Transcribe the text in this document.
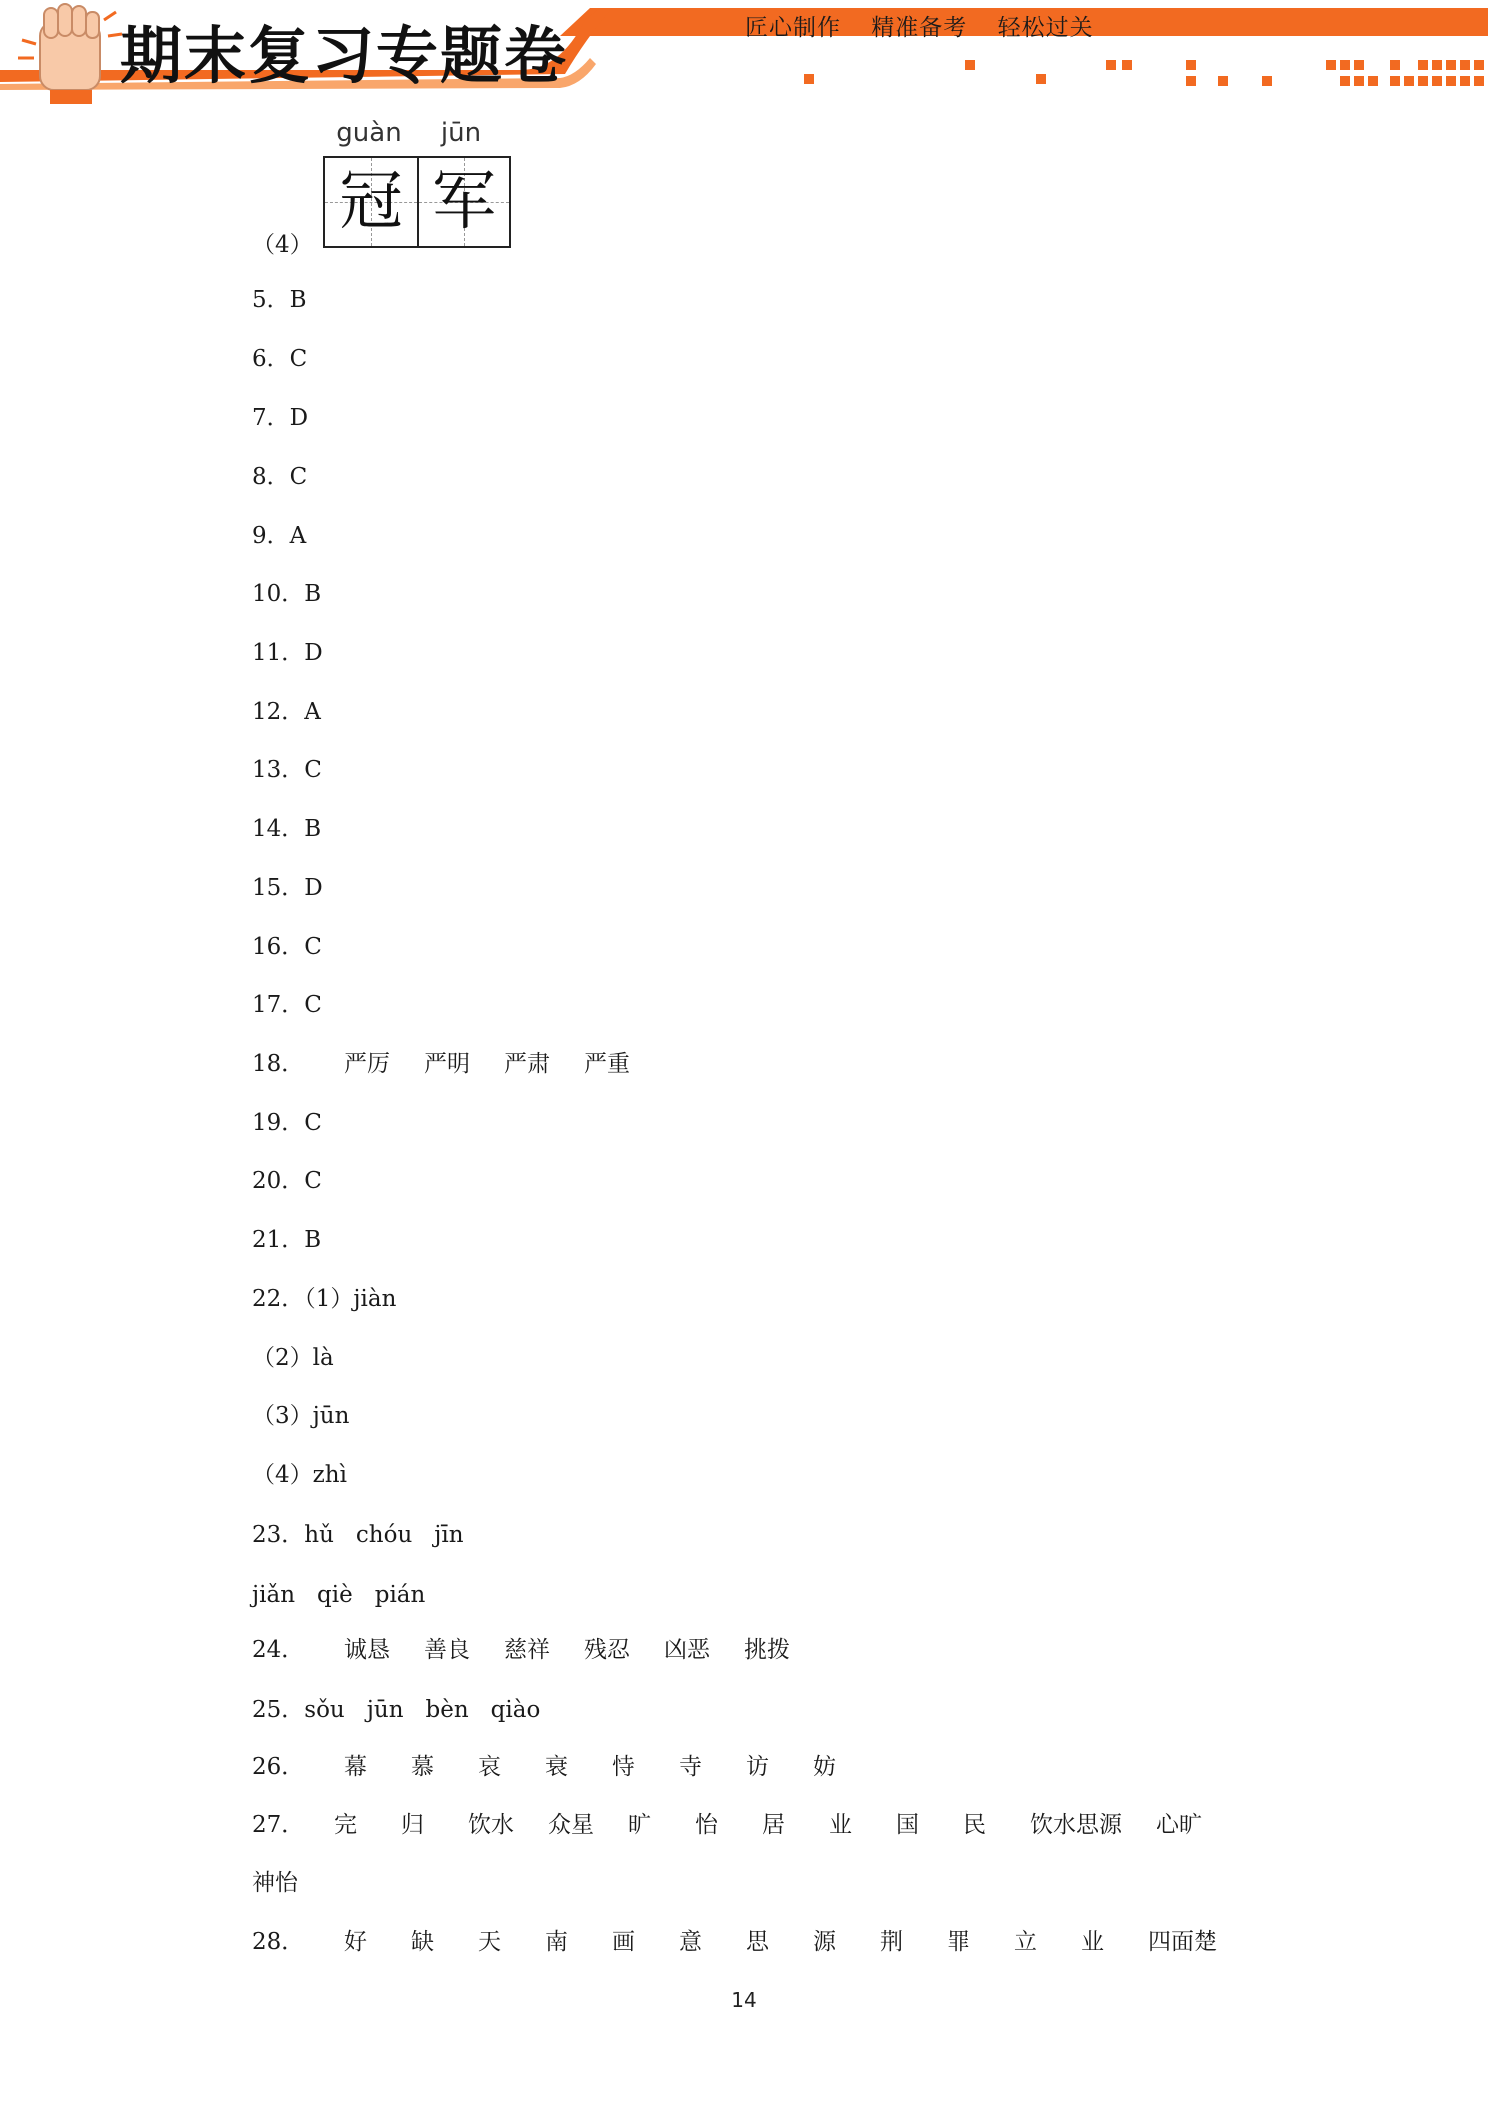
期末复习专题卷	匠心制作 精准备考 轻松过关
（4）
guàn	jūn
冠 军
5．B
6．C
7．D
8．C
9．A
10．B
11．D
12．A
13．C
14．B
15．D
16．C
17．C
18． 严厉 严明 严肃 严重
19．C
20．C
21．B
22．（1）jiàn
（2）là
（3）jūn
（4）zhì
23．hǔ chóu jīn
jiǎn qiè pián
24． 诚恳 善良 慈祥 残忍 凶恶 挑拨
25．sǒu jūn bèn qiào
26． 幕 慕 哀 衰 恃 寺 访 妨
27． 完 归 饮水 众星 旷 怡 居 业 国 民 饮水思源 心旷
神怡
28． 好 缺 天 南 画 意 思 源 荆 罪 立 业 四面楚
14
